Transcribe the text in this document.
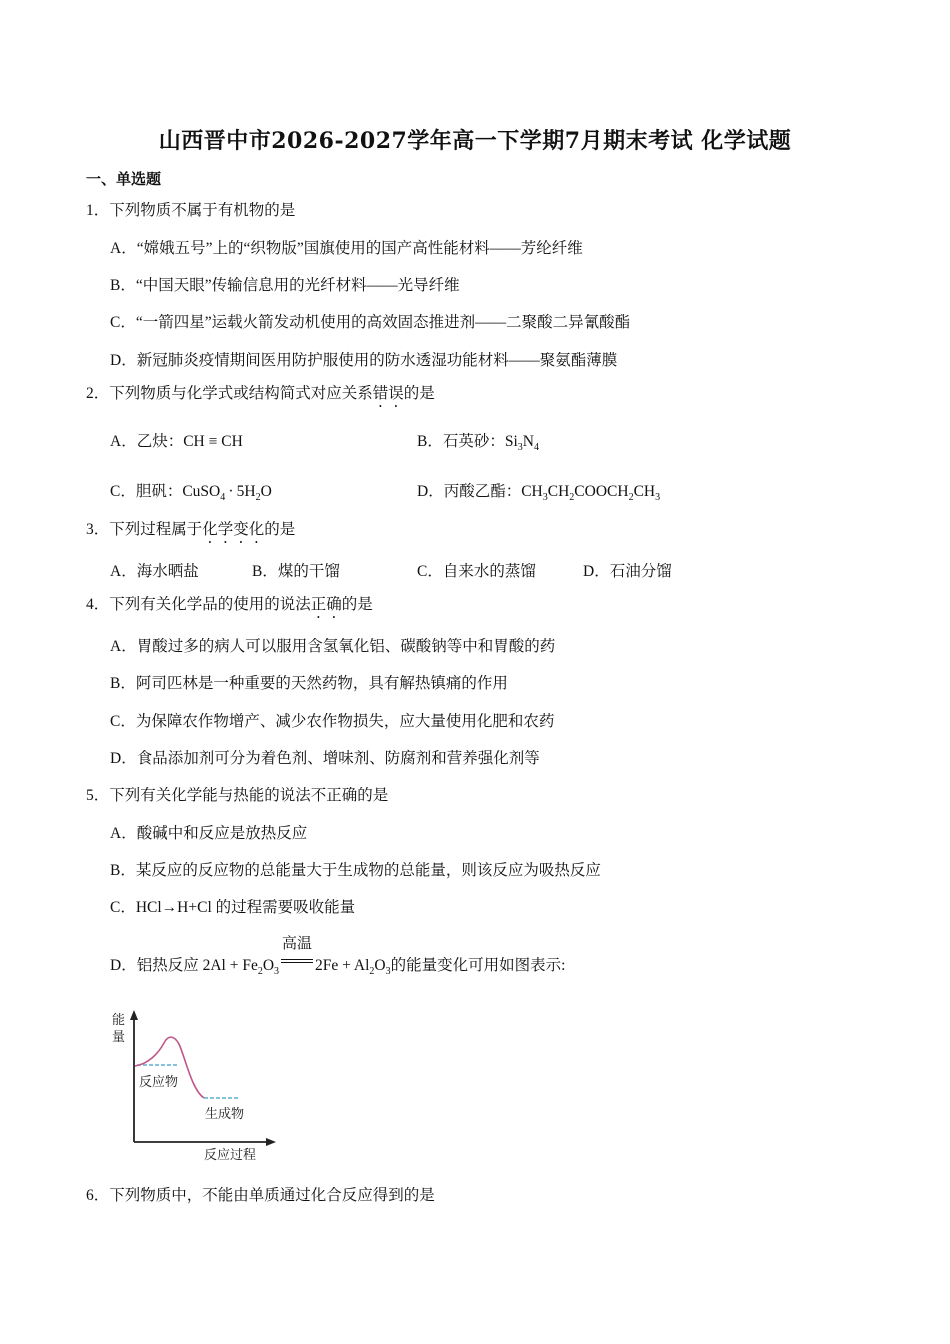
山西晋中市2026-2027学年高一下学期7月期末考试 化学试题
一、单选题
1．下列物质不属于有机物的是
A．“嫦娥五号”上的“织物版”国旗使用的国产高性能材料——芳纶纤维
B．“中国天眼”传输信息用的光纤材料——光导纤维
C．“一箭四星”运载火箭发动机使用的高效固态推进剂——二聚酸二异氰酸酯
D．新冠肺炎疫情期间医用防护服使用的防水透湿功能材料——聚氨酯薄膜
2．下列物质与化学式或结构简式对应关系错误的是
A．乙炔：CH ≡ CH	B．石英砂：$Si_3N_4$
C．胆矾：CuSO$_4$ · $5H_2O$	D．丙酸乙酯：$CH_3CH_2COOCH_2CH_3$
3．下列过程属于化学变化的是
A．海水晒盐	B．煤的干馏	C．自来水的蒸馏	D．石油分馏
4．下列有关化学品的使用的说法正确的是
A．胃酸过多的病人可以服用含氢氧化铝、碳酸钠等中和胃酸的药
B．阿司匹林是一种重要的天然药物，具有解热镇痛的作用
C．为保障农作物增产、减少农作物损失，应大量使用化肥和农药
D．食品添加剂可分为着色剂、增味剂、防腐剂和营养强化剂等
5．下列有关化学能与热能的说法不正确的是
A．酸碱中和反应是放热反应
B．某反应的反应物的总能量大于生成物的总能量，则该反应为吸热反应
C．HCl→H+Cl 的过程需要吸收能量
D．铝热反应 $2Al + Fe_2O_3$
高温
$2Fe + Al_2O_3$的能量变化可用如图表示:
能
量
反应物
生成物
反应过程
6．下列物质中，不能由单质通过化合反应得到的是
